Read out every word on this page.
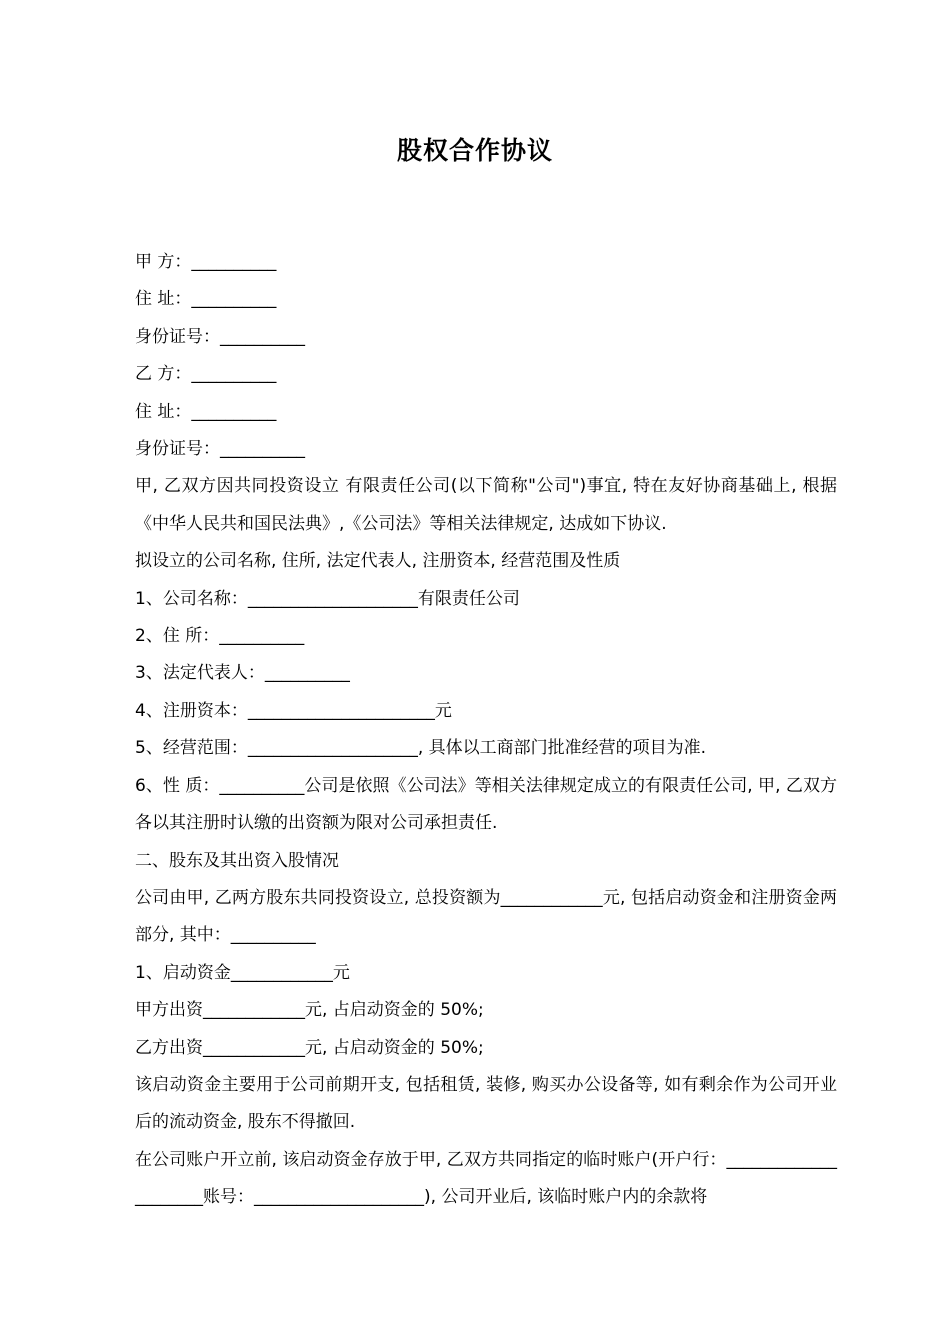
股权合作协议

甲 方：__________

住 址：__________

身份证号：__________

乙 方：__________

住 址：__________

身份证号：__________

甲, 乙双方因共同投资设立 有限责任公司(以下简称"公司")事宜, 特在友好协商基础上, 根据《中华人民共和国民法典》,《公司法》等相关法律规定, 达成如下协议.

拟设立的公司名称, 住所, 法定代表人, 注册资本, 经营范围及性质

1、公司名称：____________________有限责任公司

2、住 所：__________

3、法定代表人：__________

4、注册资本：______________________元

5、经营范围：____________________, 具体以工商部门批准经营的项目为准.

6、性 质：__________公司是依照《公司法》等相关法律规定成立的有限责任公司, 甲, 乙双方各以其注册时认缴的出资额为限对公司承担责任.

二、股东及其出资入股情况

公司由甲, 乙两方股东共同投资设立, 总投资额为____________元, 包括启动资金和注册资金两部分, 其中：__________

1、启动资金____________元

甲方出资____________元, 占启动资金的 50%;

乙方出资____________元, 占启动资金的 50%;

该启动资金主要用于公司前期开支, 包括租赁, 装修, 购买办公设备等, 如有剩余作为公司开业后的流动资金, 股东不得撤回.

在公司账户开立前, 该启动资金存放于甲, 乙双方共同指定的临时账户(开户行：_____________________账号：____________________), 公司开业后, 该临时账户内的余款将
